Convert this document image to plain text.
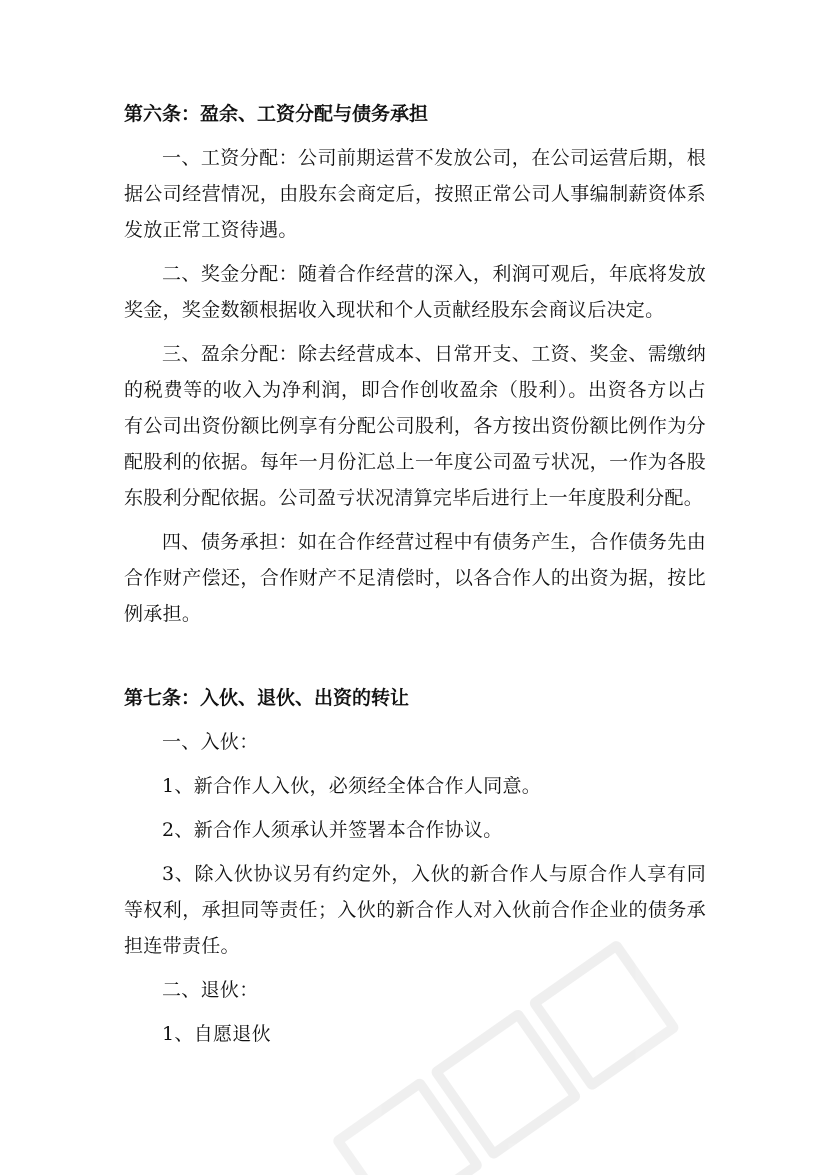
第六条：盈余、工资分配与债务承担

一、工资分配：公司前期运营不发放公司，在公司运营后期，根据公司经营情况，由股东会商定后，按照正常公司人事编制薪资体系发放正常工资待遇。

二、奖金分配：随着合作经营的深入，利润可观后，年底将发放奖金，奖金数额根据收入现状和个人贡献经股东会商议后决定。

三、盈余分配：除去经营成本、日常开支、工资、奖金、需缴纳的税费等的收入为净利润，即合作创收盈余（股利）。出资各方以占有公司出资份额比例享有分配公司股利，各方按出资份额比例作为分配股利的依据。每年一月份汇总上一年度公司盈亏状况，一作为各股东股利分配依据。公司盈亏状况清算完毕后进行上一年度股利分配。

四、债务承担：如在合作经营过程中有债务产生，合作债务先由合作财产偿还，合作财产不足清偿时，以各合作人的出资为据，按比例承担。

第七条：入伙、退伙、出资的转让

一、入伙：

1、新合作人入伙，必须经全体合作人同意。

2、新合作人须承认并签署本合作协议。

3、除入伙协议另有约定外，入伙的新合作人与原合作人享有同等权利，承担同等责任；入伙的新合作人对入伙前合作企业的债务承担连带责任。

二、退伙：

1、自愿退伙
